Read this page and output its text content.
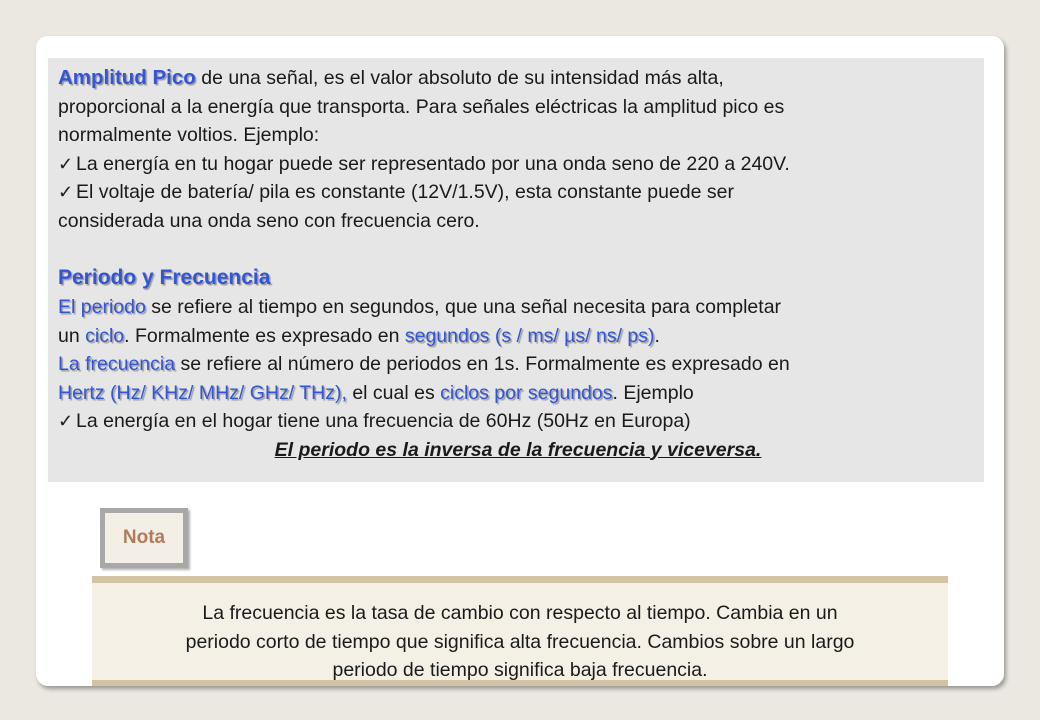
Amplitud Pico de una señal, es el valor absoluto de su intensidad más alta,

proporcional a la energía que transporta. Para señales eléctricas la amplitud pico es

normalmente voltios. Ejemplo:

✓ La energía en tu hogar puede ser representado por una onda seno de 220 a 240V.

✓ El voltaje de batería/ pila es constante (12V/1.5V), esta constante puede ser

considerada una onda seno con frecuencia cero.

Periodo y Frecuencia

El periodo se refiere al tiempo en segundos, que una señal necesita para completar

un ciclo. Formalmente es expresado en segundos (s / ms/ µs/ ns/ ps).

La frecuencia se refiere al número de periodos en 1s. Formalmente es expresado en

Hertz (Hz/ KHz/ MHz/ GHz/ THz), el cual es ciclos por segundos. Ejemplo

✓ La energía en el hogar tiene una frecuencia de 60Hz (50Hz en Europa)

El periodo es la inversa de la frecuencia y viceversa.

Nota
La frecuencia es la tasa de cambio con respecto al tiempo. Cambia en un
periodo corto de tiempo que significa alta frecuencia. Cambios sobre un largo
periodo de tiempo significa baja frecuencia.
